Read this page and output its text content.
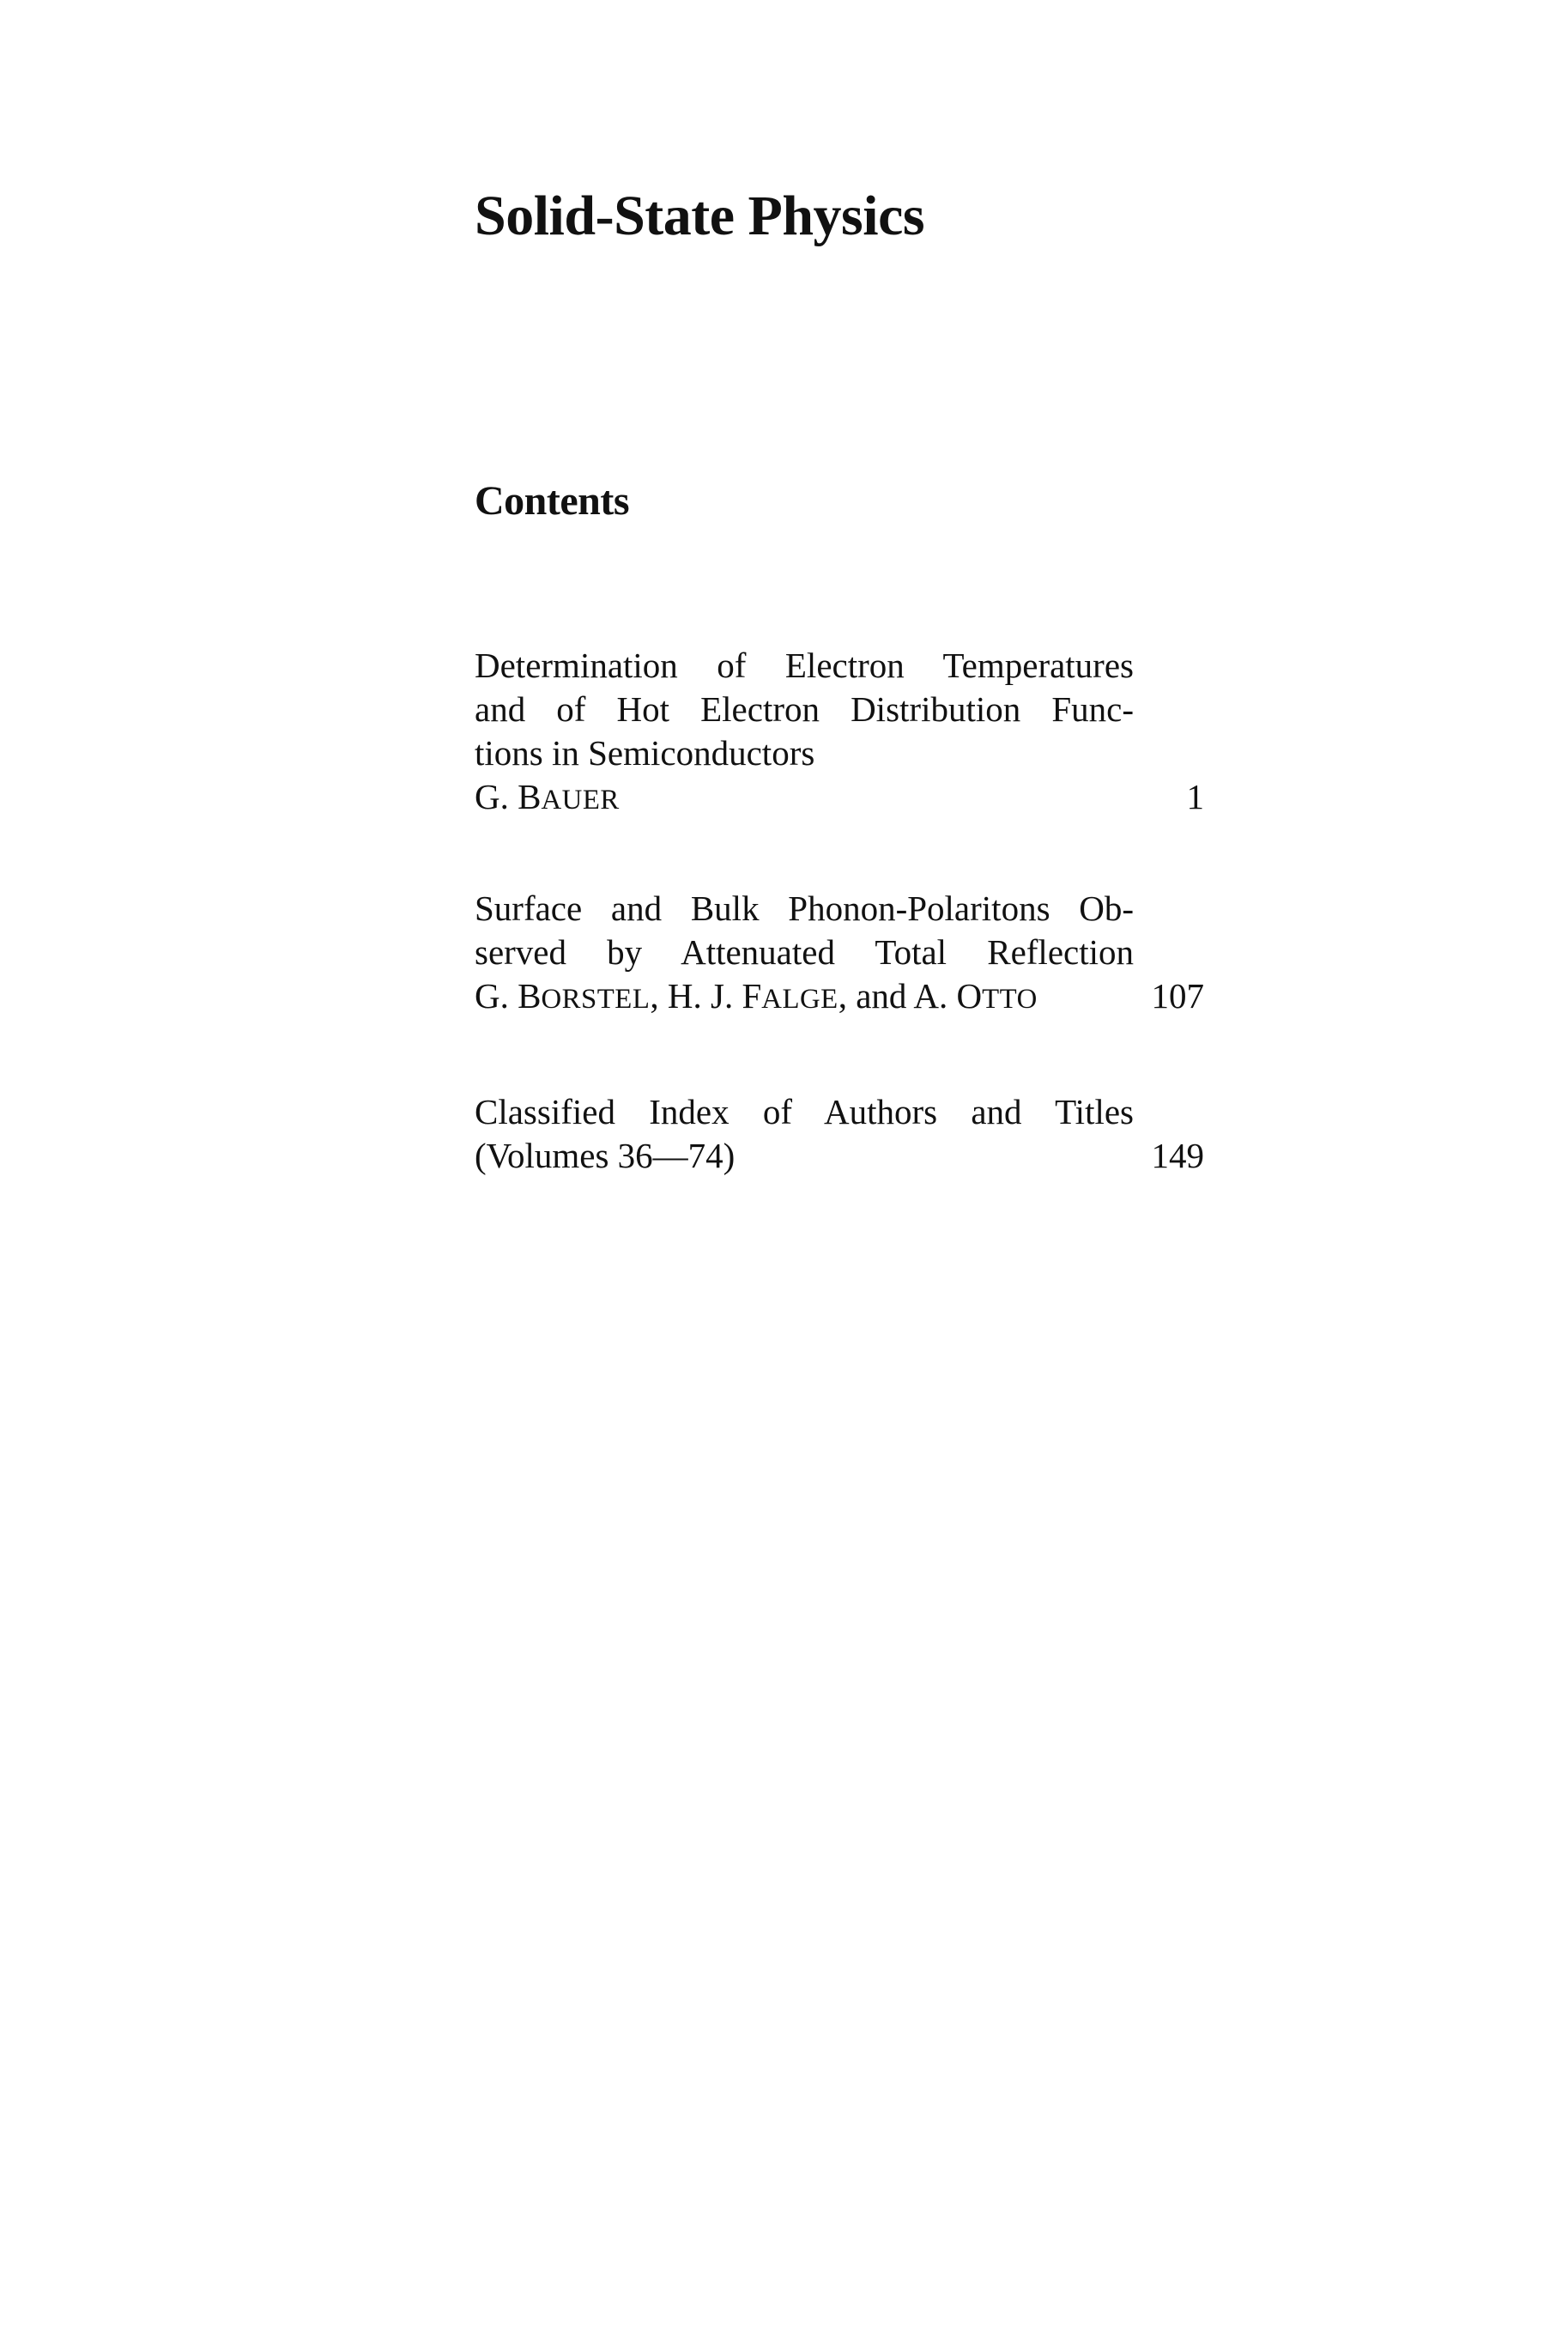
Solid-State Physics
Contents
Determination of Electron Temperatures
and of Hot Electron Distribution Func-
tions in Semiconductors
G. BAUER	1
Surface and Bulk Phonon-Polaritons Ob-
served by Attenuated Total Reflection
G. BORSTEL, H. J. FALGE, and A. OTTO	107
Classified Index of Authors and Titles
(Volumes 36—74)	149
